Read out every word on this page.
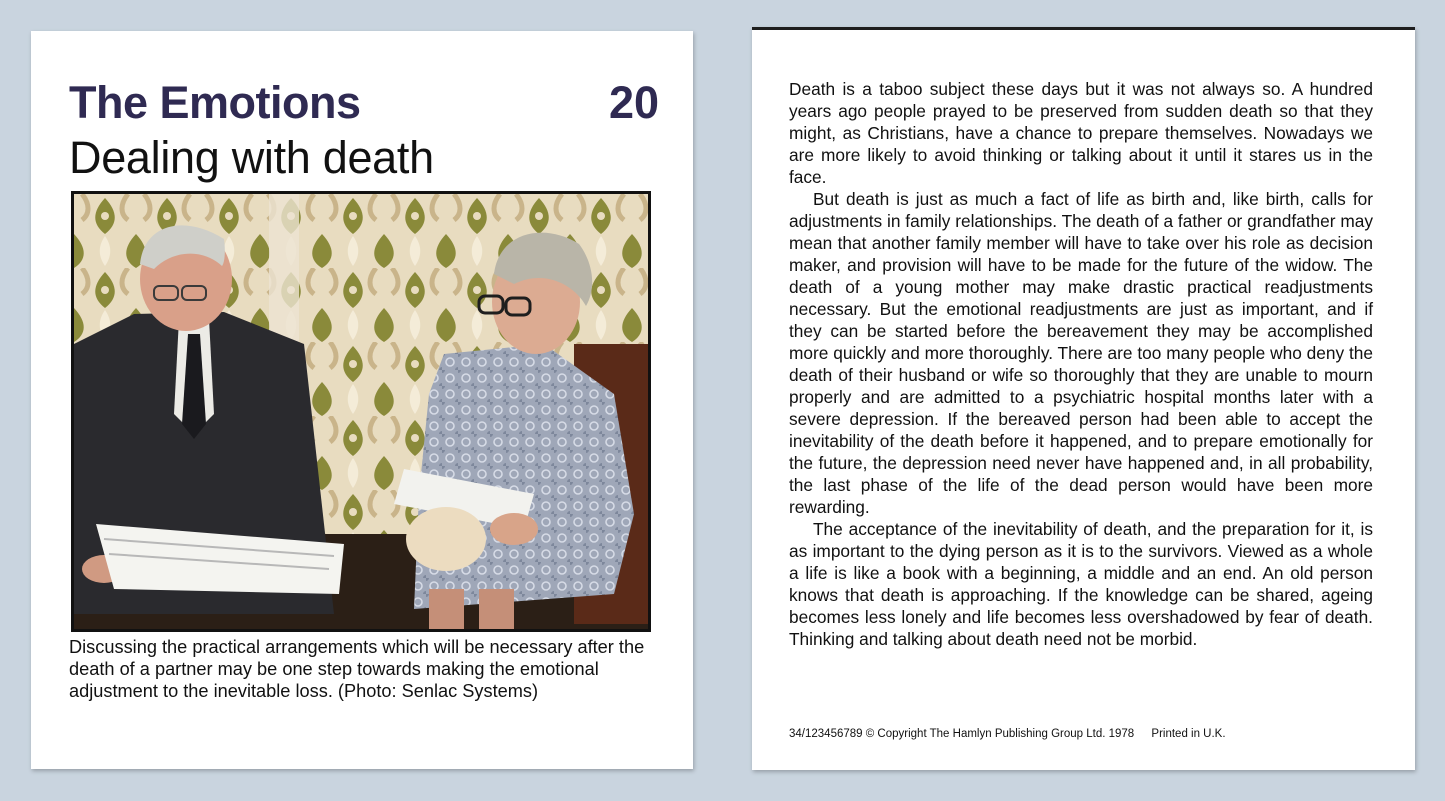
The Emotions	20
Dealing with death

Discussing the practical arrangements which will be necessary after the death of a partner may be one step towards making the emotional adjustment to the inevitable loss. (Photo: Senlac Systems)

Death is a taboo subject these days but it was not always so. A hundred years ago people prayed to be preserved from sudden death so that they might, as Christians, have a chance to prepare themselves. Nowadays we are more likely to avoid thinking or talking about it until it stares us in the face.

But death is just as much a fact of life as birth and, like birth, calls for adjustments in family relationships. The death of a father or grandfather may mean that another family member will have to take over his role as decision maker, and provision will have to be made for the future of the widow. The death of a young mother may make drastic practical readjustments necessary. But the emotional readjustments are just as important, and if they can be started before the bereavement they may be accomplished more quickly and more thoroughly. There are too many people who deny the death of their husband or wife so thoroughly that they are unable to mourn properly and are admitted to a psychiatric hospital months later with a severe depression. If the bereaved person had been able to accept the inevitability of the death before it happened, and to prepare emotionally for the future, the depression need never have happened and, in all probability, the last phase of the life of the dead person would have been more rewarding.

The acceptance of the inevitability of death, and the preparation for it, is as important to the dying person as it is to the survivors. Viewed as a whole a life is like a book with a beginning, a middle and an end. An old person knows that death is approaching. If the knowledge can be shared, ageing becomes less lonely and life becomes less overshadowed by fear of death. Thinking and talking about death need not be morbid.

34/123456789 © Copyright The Hamlyn Publishing Group Ltd. 1978 Printed in U.K.
